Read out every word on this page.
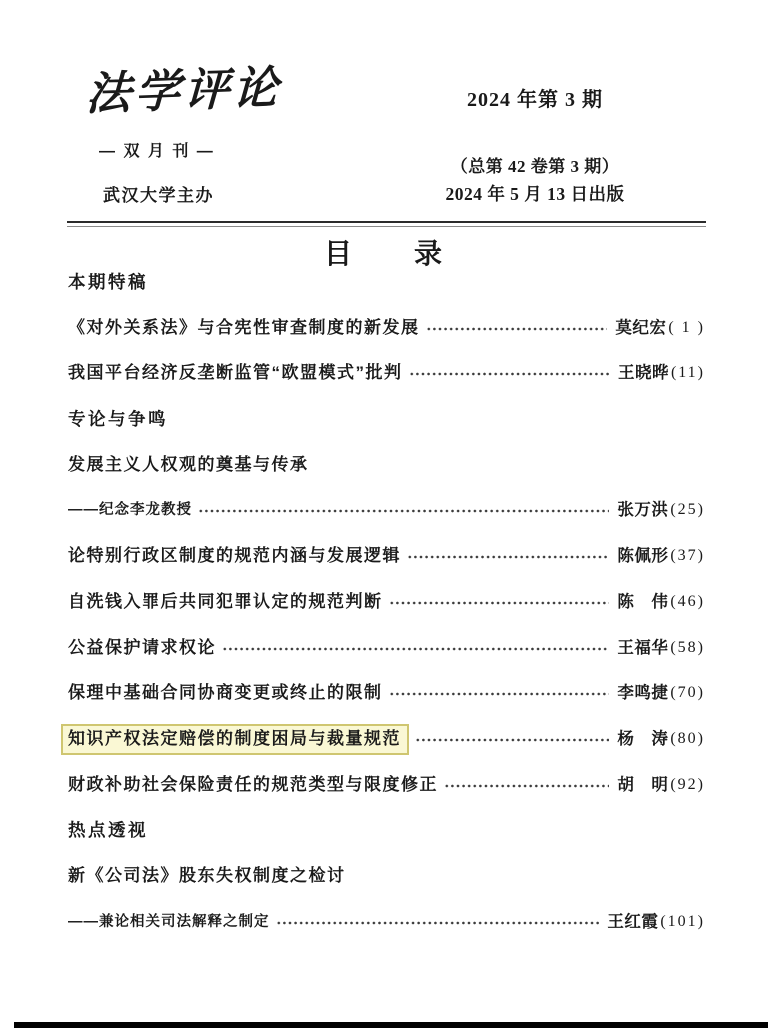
法学评论
— 双 月 刊 —
武汉大学主办
2024 年第 3 期
（总第 42 卷第 3 期）
2024 年 5 月 13 日出版
目　　录
本期特稿
《对外关系法》与合宪性审查制度的新发展	莫纪宏 ( 1 )
我国平台经济反垄断监管“欧盟模式”批判	王晓晔 (11)
专论与争鸣
发展主义人权观的奠基与传承
——纪念李龙教授	张万洪 (25)
论特别行政区制度的规范内涵与发展逻辑	陈佩形 (37)
自洗钱入罪后共同犯罪认定的规范判断	陈　伟 (46)
公益保护请求权论	王福华 (58)
保理中基础合同协商变更或终止的限制	李鸣捷 (70)
知识产权法定赔偿的制度困局与裁量规范	杨　涛 (80)
财政补助社会保险责任的规范类型与限度修正	胡　明 (92)
热点透视
新《公司法》股东失权制度之检讨
——兼论相关司法解释之制定	王红霞 (101)
